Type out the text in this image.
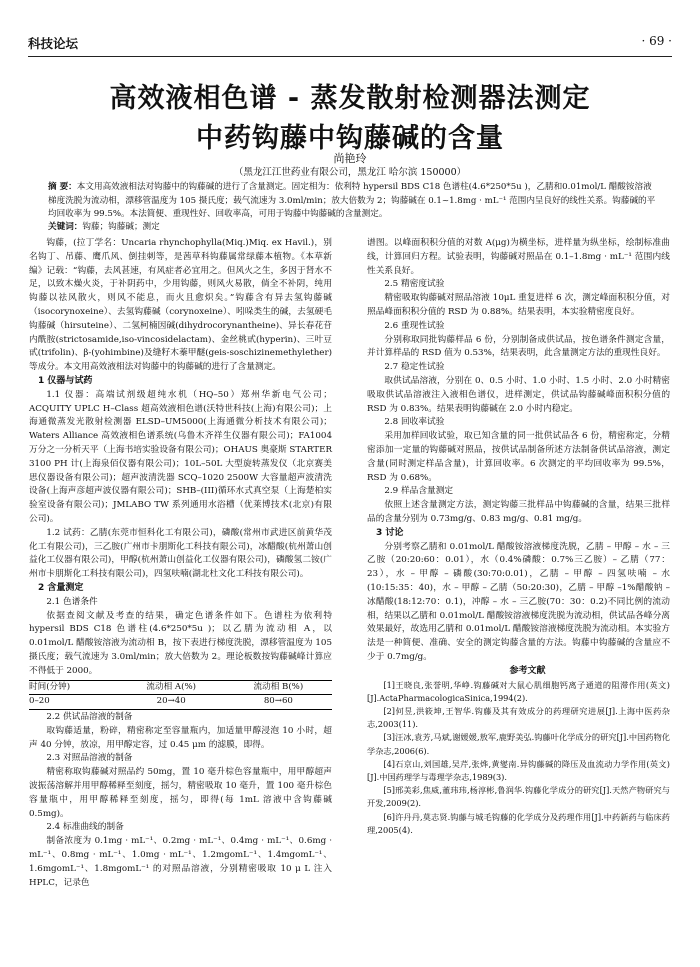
科技论坛	· 69 ·
高效液相色谱 - 蒸发散射检测器法测定
中药钩藤中钩藤碱的含量
尚艳玲
（黑龙江江世药业有限公司，黑龙江 哈尔滨 150000）
摘 要：本文用高效液相法对钩藤中的钩藤碱的进行了含量测定。固定相为：依利特 hypersil BDS C18 色谱柱(4.6*250*5u )，乙腈和0.01mol/L 醋酸铵溶液梯度洗脱为流动相，漂移管温度为 105 摄氏度；载气流速为 3.0ml/min；放大倍数为 2；钩藤碱在 0.1~1.8mg · mL⁻¹ 范围内呈良好的线性关系。钩藤碱的平均回收率为 99.5%。本法简便、重现性好、回收率高，可用于钩藤中钩藤碱的含量测定。
关键词：钩藤；钩藤碱；测定

钩藤，(拉丁学名：Uncaria rhynchophylla(Miq.)Miq. ex Havil.)，别名钩丁、吊藤、鹰爪风、倒挂刺等，是茜草科钩藤属常绿藤本植物。《本草新编》记载：“钩藤，去风甚速，有风症者必宜用之。但风火之生，多因于肾水不足，以致木燥火炎，于补阴药中，少用钩藤，则风火易散，倘全不补阴，纯用钩藤以祛风散火，则风不能息，而火且愈炽矣。”钩藤含有异去氢钩藤碱（isocorynoxeine）、去氢钩藤碱（corynoxeine）、吲哚类生的碱，去氢硬毛钩藤碱（hirsuteine）、二氢柯楠因碱(dihydrocorynantheine)、异长春花苷内酰胺(strictosamide,iso-vincosidelactam)、金丝桃甙(hyperin)、三叶豆甙(trifolin)、β-(yohimbine)及缝籽木蓁甲醚(geis-soschizinemethylether)等成分。本文用高效液相法对钩藤中的钩藤碱的进行了含量测定。

1 仪器与试药

1.1 仪器：高端试剂级超纯水机（HQ–50）郑州华新电气公司；ACQUITY UPLC H–Class 超高效液相色谱(沃特世科技(上海)有限公司)；上海通微蒸发光散射检测器 ELSD–UM5000(上海通微分析技术有限公司)；Waters Alliance 高效液相色谱系统(乌鲁木齐祥生仪器有限公司)；FA1004 万分之一分析天平（上海书培实验设备有限公司)；OHAUS 奥豪斯 STARTER 3100 PH 计(上海泉佰仪器有限公司)；10L–50L 大型旋转蒸发仪（北京赛美思仪器设备有限公司)；超声波清洗器 SCQ–1020 2500W 大容量超声波清洗设备(上海声彦超声波仪器有限公司)；SHB–(III)循环水式真空泵（上海楚柏实验室设备有限公司)；JMLABO TW 系列通用水浴槽（优莱博技术(北京)有限公司)。

1.2 试药：乙腈(东莞市恒科化工有限公司)，磷酸(常州市武进区前黄华茂化工有限公司)，三乙胺(广州市卡朋斯化工科技有限公司)，冰醋酸(杭州萧山创益化工仪器有限公司)，甲醇(杭州萧山创益化工仪器有限公司)，磷酸氢二铵(广州市卡朋斯化工科技有限公司)，四氢呋喃(湖北杜文化工科技有限公司)。

2 含量测定
2.1 色谱条件

依据查阅文献及考查的结果，确定色谱条件如下。色谱柱为依利特 hypersil BDS C18 色谱柱(4.6*250*5u )；以乙腈为流动相 A，以 0.01mol/L 醋酸铵溶液为流动相 B，按下表进行梯度洗脱，漂移管温度为 105 摄氏度；载气流速为 3.0ml/min；放大倍数为 2。理论板数按钩藤碱峰计算应不得低于 2000。

时间(分钟)	流动相 A(%)	流动相 B(%)
0–20	20→40	80→60
2.2 供试品溶液的制备

取钩藤适量，粉碎，精密称定至容量瓶内，加适量甲醇浸泡 10 小时，超声 40 分钟，放凉，用甲醇定容，过 0.45 μm 的滤膜，即得。

2.3 对照品溶液的制备

精密称取钩藤碱对照品约 50mg，置 10 毫升棕色容量瓶中，用甲醇超声波振荡溶解并用甲醇稀释至刻度，摇匀，精密吸取 10 毫升，置 100 毫升棕色容量瓶中，用甲醇稀释至刻度，摇匀，即得(每 1mL 溶液中含钩藤碱 0.5mg)。

2.4 标准曲线的制备

制备浓度为 0.1mg · mL⁻¹、0.2mg · mL⁻¹、0.4mg · mL⁻¹、0.6mg · mL⁻¹、0.8mg · mL⁻¹、1.0mg · mL⁻¹、1.2mgomL⁻¹、1.4mgomL⁻¹、1.6mgomL⁻¹、1.8mgomL⁻¹ 的对照品溶液，分别精密吸取 10 μ L 注入 HPLC，记录色

谱图。以峰面积积分值的对数 A(μg)为横坐标，进样量为纵坐标，绘制标准曲线，计算回归方程。试验表明，钩藤碱对照品在 0.1–1.8mg · mL⁻¹ 范围内线性关系良好。

2.5 精密度试验

精密吸取钩藤碱对照品溶液 10μL 重复进样 6 次，测定峰面积积分值，对照品峰面积积分值的 RSD 为 0.88%。结果表明，本实验精密度良好。

2.6 重现性试验

分别称取同批钩藤样品 6 份，分别制备成供试品，按色谱条件测定含量，并计算样品的 RSD 值为 0.53%，结果表明，此含量测定方法的重现性良好。

2.7 稳定性试验

取供试品溶液，分别在 0、0.5 小时、1.0 小时、1.5 小时、2.0 小时精密吸取供试品溶液注入液相色谱仪，进样测定，供试品钩藤碱峰面积积分值的 RSD 为 0.83%。结果表明钩藤碱在 2.0 小时内稳定。

2.8 回收率试验

采用加样回收试验，取已知含量的同一批供试品各 6 份，精密称定，分精密添加一定量的钩藤碱对照品，按供试品制备所述方法制备供试品溶液，测定含量(同时测定样品含量)，计算回收率。6 次测定的平均回收率为 99.5%，RSD 为 0.68%。

2.9 样品含量测定

依照上述含量测定方法，测定钩藤三批样品中钩藤碱的含量，结果三批样品的含量分别为 0.73mg/g、0.83 mg/g、0.81 mg/g。

3 讨论

分别考察乙腈和 0.01mol/L 醋酸铵溶液梯度洗脱，乙腈 – 甲醇 – 水 – 三乙胺（20:20:60：0.01），水（0.4%磷酸：0.7%三乙胺）– 乙腈（77：23），水 – 甲醇 – 磷酸(30:70:0.01)，乙腈 – 甲醇 – 四氢呋喃 – 水(10:15:35：40)，水 – 甲醇 – 乙腈（50:20:30)，乙腈 – 甲醇 –1%醋酸钠 – 冰醋酸(18:12:70：0.1)，冲醇 – 水 – 三乙胺(70：30：0.2)不同比例的流动相，结果以乙腈和 0.01mol/L 醋酸铵溶液梯度洗脱为流动相，供试品各峰分离效果最好，故选用乙腈和 0.01mol/L 醋酸铵溶液梯度洗脱为流动相。本实验方法是一种简便、准确、安全的测定钩藤含量的方法。钩藤中钩藤碱的含量应不少于 0.7mg/g。

参考文献

[1]王晓良,张誉明,华峥.钩藤碱对大鼠心肌细胞钙离子通道的阻滞作用(英文)[J].ActaPharmacologicaSinica,1994(2).

[2]何昱,洪筱坤,王智华.钩藤及其有效成分的药理研究进展[J].上海中医药杂志,2003(11).

[3]汪冰,袁芳,马斌,谢媛媛,敖军,鹿野美弘.钩藤叶化学成分的研究[J].中国药物化学杂志,2006(6).

[4]石京山,刘国雄,吴芹,张烨,黄燮南.异钩藤碱的降压及血流动力学作用(英文)[J].中国药理学与毒理学杂志,1989(3).

[5]邢美彩,焦威,董玮玮,杨淳彬,鲁润华.钩藤化学成分的研究[J].天然产物研究与开发,2009(2).

[6]许丹丹,莫志贤.钩藤与城毛钩藤的化学成分及药理作用[J].中药新药与临床药理,2005(4).
